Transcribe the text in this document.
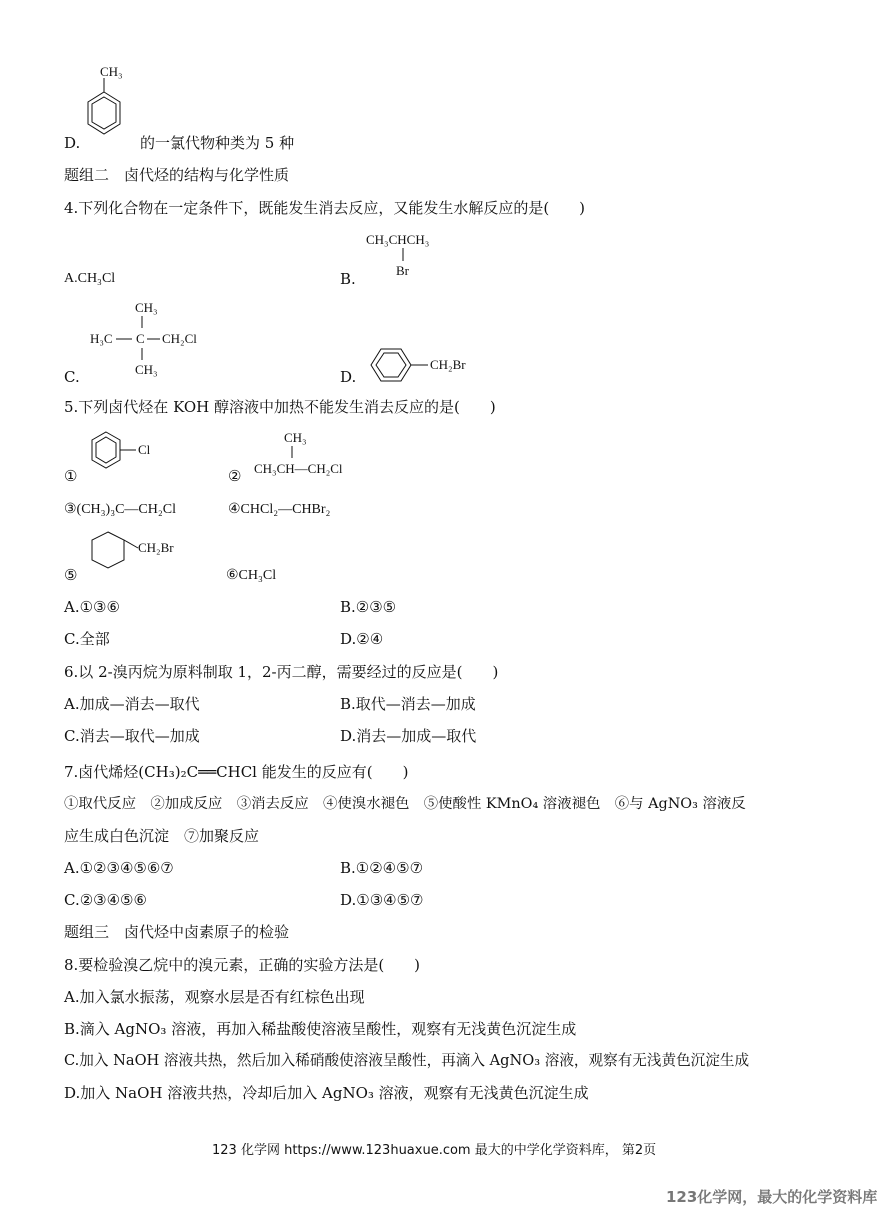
CH₃
D.	的一氯代物种类为 5 种
题组二　卤代烃的结构与化学性质
4.下列化合物在一定条件下，既能发生消去反应，又能发生水解反应的是(　　)
A.CH₃Cl	B.
CH₃CHCH₃
Br
C.
CH₃
H₃C C CH₂Cl
CH₃	D.
CH₂Br
5.下列卤代烃在 KOH 醇溶液中加热不能发生消去反应的是(　　)
①
Cl
②
CH₃
CH₃CH—CH₂Cl
③(CH₃)₃C—CH₂Cl	④CHCl₂—CHBr₂
⑤
CH₂Br
⑥CH₃Cl
A.①③⑥	B.②③⑤
C.全部	D.②④
6.以 2-溴丙烷为原料制取 1，2-丙二醇，需要经过的反应是(　　)
A.加成—消去—取代	B.取代—消去—加成
C.消去—取代—加成	D.消去—加成—取代
7.卤代烯烃(CH₃)₂C══CHCl 能发生的反应有(　　)
①取代反应　②加成反应　③消去反应　④使溴水褪色　⑤使酸性 KMnO₄ 溶液褪色　⑥与 AgNO₃ 溶液反
应生成白色沉淀　⑦加聚反应
A.①②③④⑤⑥⑦	B.①②④⑤⑦
C.②③④⑤⑥	D.①③④⑤⑦
题组三　卤代烃中卤素原子的检验
8.要检验溴乙烷中的溴元素，正确的实验方法是(　　)
A.加入氯水振荡，观察水层是否有红棕色出现
B.滴入 AgNO₃ 溶液，再加入稀盐酸使溶液呈酸性，观察有无浅黄色沉淀生成
C.加入 NaOH 溶液共热，然后加入稀硝酸使溶液呈酸性，再滴入 AgNO₃ 溶液，观察有无浅黄色沉淀生成
D.加入 NaOH 溶液共热，冷却后加入 AgNO₃ 溶液，观察有无浅黄色沉淀生成
123 化学网 https://www.123huaxue.com 最大的中学化学资料库， 第2页
123化学网，最大的化学资料库
